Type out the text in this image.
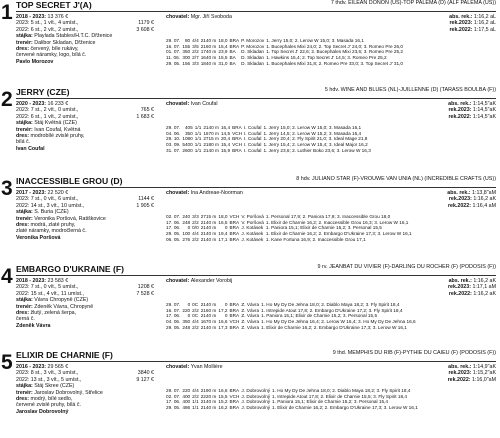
1 TOP SECRET J'(A)	7 thdv. EILEAN DONON (US)-TOP PALEMA (D) (ALF PALEMA (US))
2018 - 2023: 13 376 €
2023: 5 st., 1 vít., 4 umíst.,	1179 €
2022: 6 st., 2 vít., 2 umíst.,	3 608 €
stájka: Playlada Stables/H.T.C. Dřženice
trenér: Dalibor Skladan, Dřženice
dres: červený, bíle rukávy,
červené náramky, logo, bílá č.
Pavlo Morozov
chovatel: Mgr. Jiří Svoboda	abs. rek.: 1:16,2 aL
rek.2023: 1:16,2 aL
rek.2022: 1:17,5 aL
29. 07.	80	4/4	2140 m	18,0	BRA	P. Morozov	1. Jerry 15,0; 2. Lerow W 15,0; 3. Masada 16,1
16. 07.	155	3/5	2160 m	15,4	BRA	P. Morozov	1. Bucephales Mixi 24,0; 2. Top Secret J' 24,0; 3. Romeo Pre 26,0
01. 07.	350	2/2	1740 m	23,9	BA	D. Skladan	1. Top Secret J' 22,6; 2. Bucephales Mixi 23,6; 3. Romeo Pre 25,2
11. 06.	300	2/7	1640 m	15,5	BA	D. Skladan	1. Hawkins 15,4; 2. Top Secret J' 14,5; 3. Romeo Pre 25,2
29. 05.	156	3/3	1840 m	31,0	BA	D. Skladan	1. Bucephales Mixi 31,8; 2. Romeo Pre 33,0; 3. Top Secret J' 31,0
2 JERRY (CZE)	5 hdv. WINE AND BLUES (NL)-JUILLENNE (D) (TARASS BOULBA (F))
2020 - 2023: 16 233 €
2023: 7 st., 2 vít., 0 umíst.,	765 €
2022: 6 st., 1 vít., 2 umíst.,	1 683 €
stájka: Stáj Květná (CZE)
trenér: Ivan Coufal, Květná
dres: modrobílé zvislé pruhy,
bílá č.
Ivan Coufal
chovatel: Ivan Coufal	abs. rek.: 1:14,5"aK
rek.2023: 1:14,5"aK
rek.2022: 1:14,5"aK
29. 07.	405	1/1	2140 m	16,4	BRA	I. Coufal	1. Jerry 15,0; 2. Lerow W 15,0; 3. Masada 16,1
04. 06.	350	1/1	1670 m	14,5	VCH	I. Coufal	1. Jerry 14,5; 2. Lerow W 15,2; 3. Masada 15,4
29. 10.	1080	1/1	2715 m	20,4	BRA	I. Coufal	1. Jerry 20,4; 2. Fly Spirit 21,0; 3. Ideal Mage 21,8
03. 09.	5400	1/1	2180 m	15,4	VCH	I. Coufal	1. Jerry 15,4; 2. Lerow W 15,4; 3. Ideal Major 16,2
31. 07.	2600	1/1	2140 m	15,9	BRA	I. Coufal	1. Jerry 23,6; 2. Luthier Boko 23,6; 3. Lerow W 16,3
3 INACCESSIBLE GROU (D)	8 hdv. JULIANO STAR (F)-VROUWE VAN UNIA (NL) (INCREDIBLE CRAFTS (US))
2017 - 2023: 22 520 €
2023: 7 st., 0 vít., 6 umíst.,	1144 €
2022: 14 st., 3 vít., 10 umíst.,	1 905 €
stájka: S. Buria (CZE)
trenér: Veronika Poršová, Ratiškovice
dres: modrá, zlaté pruhy,
zlaté náramky, modročlerná č.
Veronika Poršová
chovatel: Ina Andreae-Noorman	abs. rek.: 1:13,8"aM
rek.2023: 1:16,2 aK
rek.2022: 1:16,4 aM
02. 07.	240	3/3	2715 m	18,0	VCH	V. Poršová	1. Personal 17,9; 2. Paniora 17,9; 3. Inaccessible Grou 18,0
17. 06.	248	2/2	2140 m	16,5	BRA	V. Poršová	1. Elixir de Charnie 16,2; 2. Inaccessible Grou 16,3; 3. Lerow W 16,1
17. 06.	0	0/0	2140 m	0	BRA	J. Kotásek	1. Paniora 15,1; Elixir de Charnie 15,2; 3. Personal 15,5
29. 05.	100	4/4	2140 m	19,4	BRA	J. Kotásek	1. Elixir de Charnie 16,2; 2. Embargo D'Ukraine 17,3; 3. Lerow W 16,1
06. 05.	276	2/2	2140 m	17,1	BRA	J. Kotásek	1. Kane Fortuna 16,9; 2. Inaccessible Grou 17,1
4 EMBARGO D'UKRAINE (F)	9 rv. JEANBAT DU VIVIER (F)-DARLING DU ROCHER (F) (PODOSIS (F))
2018 - 2023: 23 583 €
2023: 7 st., 0 vít., 5 umíst.,	1208 €
2022: 15 st., 4 vít., 11 umíst.,	7 528 €
stájka: Vávra Chropyně (CZE)
trenér: Zdeněk Vávra, Chropyně
dres: žlutý, zelená šerpa,
černá č.
Zdeněk Vávra
chovatel: Alexander Vorobij	abs. rek.: 1:16,2 aK
rek.2023: 1:17,1 aM
rek.2022: 1:16,2 aK
29. 07.	0	0C	2140 m	0	BRA	Z. Vávra	1. Ho My Dy De Jehna 18,0; 2. Diablo Maya 18,2; 3. Fly Spirit 18,4
16. 07.	220	2/2	2160 m	17,2	BRA	Z. Vávra	1. Intrepide Atout 17,8; 2. Embargo D'Ukraine 17,2; 3. Fly Spirit 18,4
17. 06.	0	0C	2140 m	0	BRA	Z. Vávra	1. Paniora 15,1; Elixir de Charnie 15,2; 3. Personal 15,5
04. 06.	350	4/4	1670 m	16,6	VCH	Z. Vávra	1. Ho My Dy De Jehna 16,4; 2. Lerow W 16,4; 3. Ho My Dy De Jehna 16,6
29. 05.	248	2/2	2140 m	17,3	BRA	Z. Vávra	1. Elixir de Charnie 16,2; 2. Embargo D'Ukraine 17,3; 3. Lerow W 16,1
5 ELIXIR DE CHARNIE (F)	9 thd. MEMPHIS DU RIB (F)-PYTHIE DU CAIEU (F) (PODOSIS (F))
2016 - 2023: 29 565 €
2023: 8 st., 3 vít., 3 umíst.,	3840 €
2022: 13 st., 3 vít., 5 umíst.,	9 127 €
stájka: Stáj Skree (CZE)
trenér: Jaroslav Dobrovolný, Střelice
dres: modrý, bílé sedlo,
červené zvislé pruhy, bílá č.
Jaroslav Dobrovolný
chovatel: Yvan Mollière	abs. rek.: 1:14,9"aK
rek.2023: 1:15,2"aK
rek.2022: 1:16,0"aM
29. 07.	220	4/4	2190 m	16,6	BRA	J. Dobrovolný	1. Ho My Dy De Jehna 18,0; 2. Diablo Maya 18,2; 3. Fly Spirit 18,4
02. 07.	400	2/2	2220 m	15,5	VCH	J. Dobrovolný	1. Intrepide Atout 17,8; 2. Elixir de Charnie 15,5; 3. Fly Spirit 18,4
17. 06.	400	1/1	2140 m	15,2	BRA	J. Dobrovolný	1. Paniora 15,1; Elixir de Charnie 15,2; 3. Personal 15,4
29. 05.	486	1/1	2140 m	16,2	BRA	J. Dobrovolný	1. Elixir de Charnie 16,2; 2. Embargo D'Ukraine 17,3; 3. Lerow W 16,1
